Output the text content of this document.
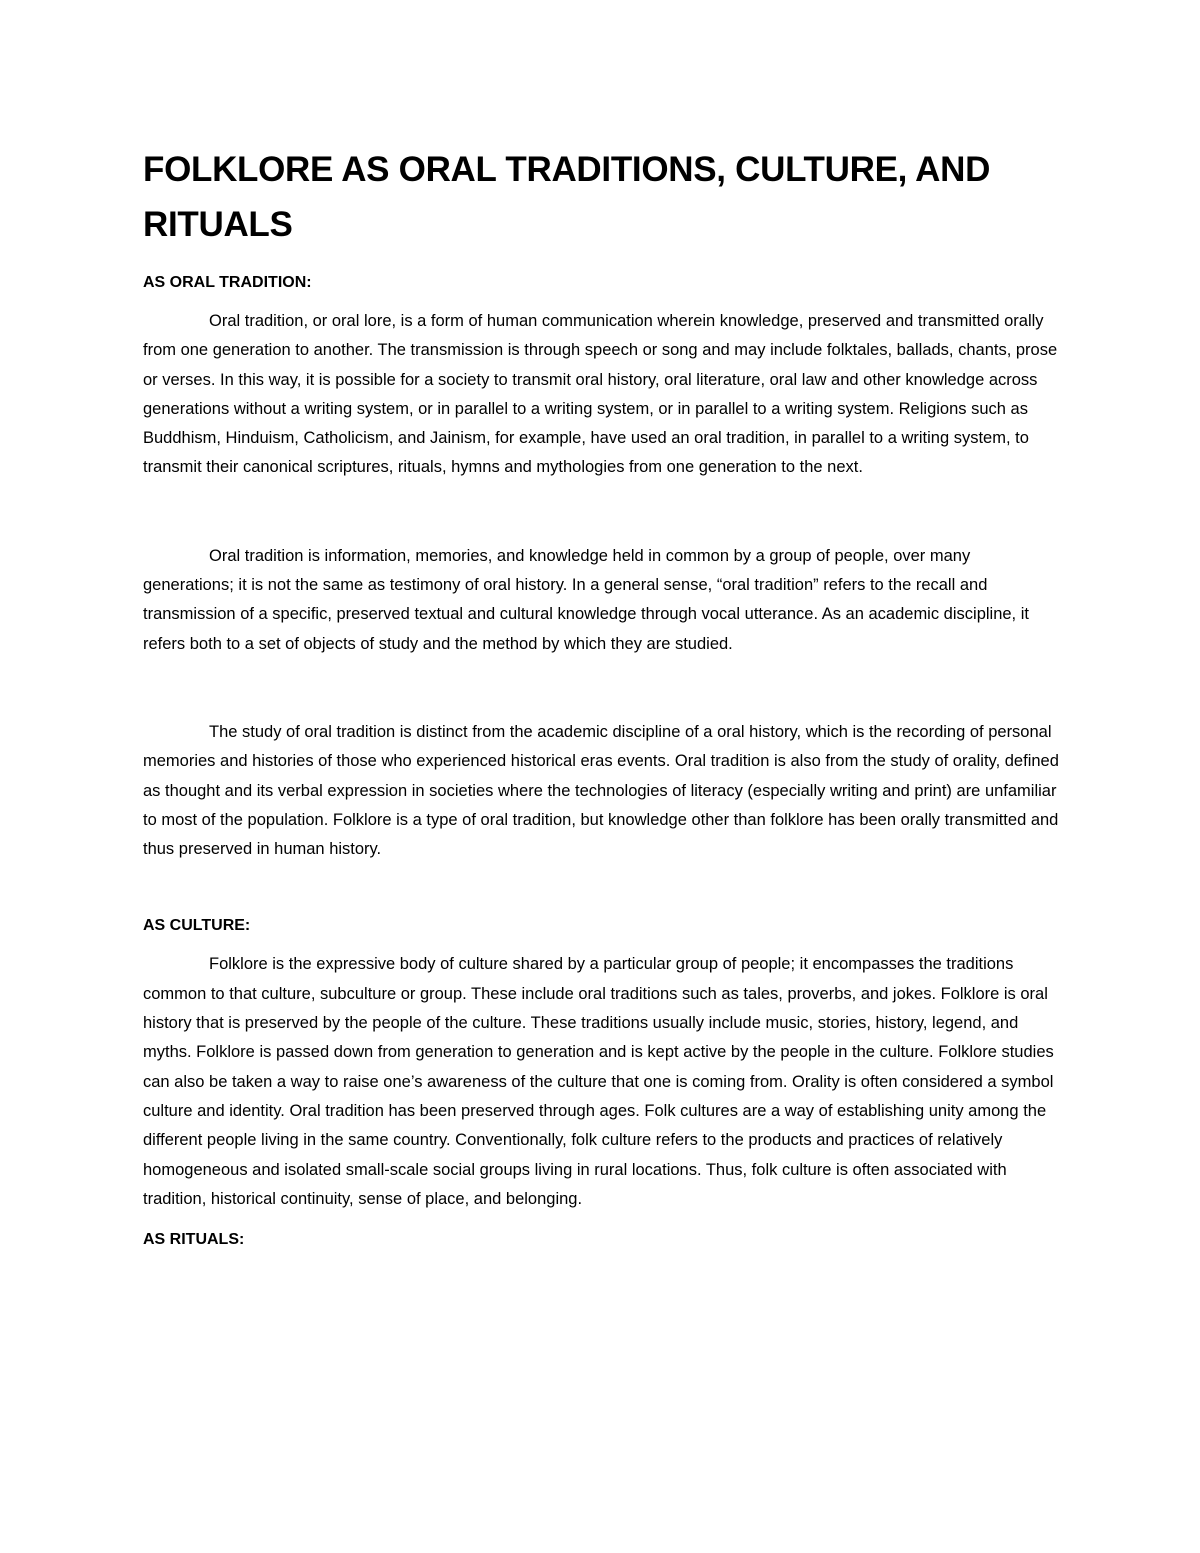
FOLKLORE AS ORAL TRADITIONS, CULTURE, AND RITUALS
AS ORAL TRADITION:

Oral tradition, or oral lore, is a form of human communication wherein knowledge, preserved and transmitted orally from one generation to another. The transmission is through speech or song and may include folktales, ballads, chants, prose or verses. In this way, it is possible for a society to transmit oral history, oral literature, oral law and other knowledge across generations without a writing system, or in parallel to a writing system, or in parallel to a writing system. Religions such as Buddhism, Hinduism, Catholicism, and Jainism, for example, have used an oral tradition, in parallel to a writing system, to transmit their canonical scriptures, rituals, hymns and mythologies from one generation to the next.

Oral tradition is information, memories, and knowledge held in common by a group of people, over many generations; it is not the same as testimony of oral history. In a general sense, “oral tradition” refers to the recall and transmission of a specific, preserved textual and cultural knowledge through vocal utterance. As an academic discipline, it refers both to a set of objects of study and the method by which they are studied.

The study of oral tradition is distinct from the academic discipline of a oral history, which is the recording of personal memories and histories of those who experienced historical eras events. Oral tradition is also from the study of orality, defined as thought and its verbal expression in societies where the technologies of literacy (especially writing and print) are unfamiliar to most of the population. Folklore is a type of oral tradition, but knowledge other than folklore has been orally transmitted and thus preserved in human history.

AS CULTURE:

Folklore is the expressive body of culture shared by a particular group of people; it encompasses the traditions common to that culture, subculture or group. These include oral traditions such as tales, proverbs, and jokes. Folklore is oral history that is preserved by the people of the culture. These traditions usually include music, stories, history, legend, and myths. Folklore is passed down from generation to generation and is kept active by the people in the culture. Folklore studies can also be taken a way to raise one’s awareness of the culture that one is coming from. Orality is often considered a symbol culture and identity. Oral tradition has been preserved through ages. Folk cultures are a way of establishing unity among the different people living in the same country. Conventionally, folk culture refers to the products and practices of relatively homogeneous and isolated small-scale social groups living in rural locations. Thus, folk culture is often associated with tradition, historical continuity, sense of place, and belonging.

AS RITUALS:
